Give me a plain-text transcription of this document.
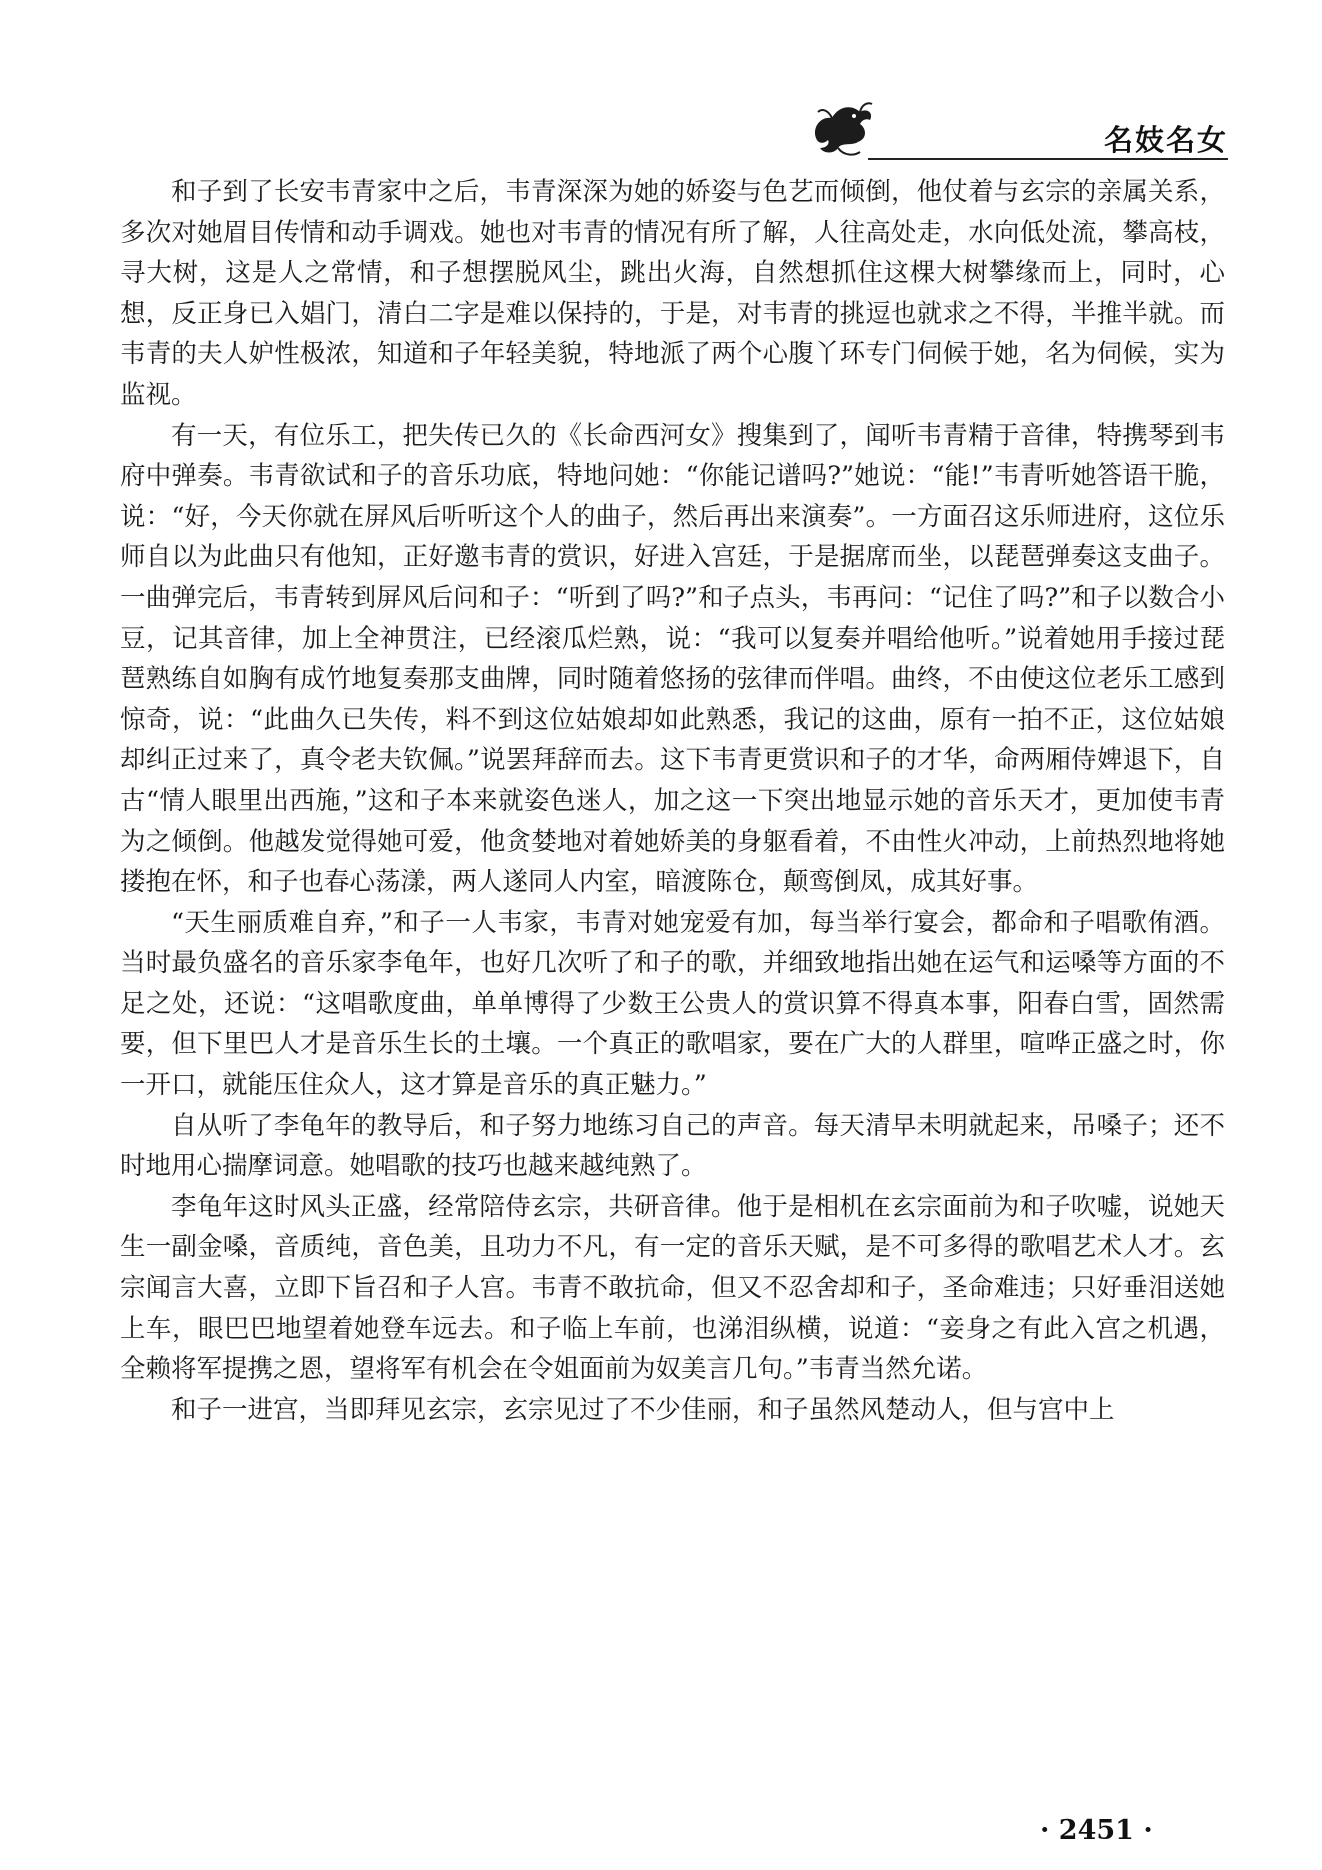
名妓名女

和子到了长安韦青家中之后，韦青深深为她的娇姿与色艺而倾倒，他仗着与玄宗的亲属关系，多次对她眉目传情和动手调戏。她也对韦青的情况有所了解，人往高处走，水向低处流，攀高枝，寻大树，这是人之常情，和子想摆脱风尘，跳出火海，自然想抓住这棵大树攀缘而上，同时，心想，反正身已入娼门，清白二字是难以保持的，于是，对韦青的挑逗也就求之不得，半推半就。而韦青的夫人妒性极浓，知道和子年轻美貌，特地派了两个心腹丫环专门伺候于她，名为伺候，实为监视。

有一天，有位乐工，把失传已久的《长命西河女》搜集到了，闻听韦青精于音律，特携琴到韦府中弹奏。韦青欲试和子的音乐功底，特地问她：“你能记谱吗?”她说：“能!”韦青听她答语干脆，说：“好，今天你就在屏风后听听这个人的曲子，然后再出来演奏”。一方面召这乐师进府，这位乐师自以为此曲只有他知，正好邀韦青的赏识，好进入宫廷，于是据席而坐，以琵琶弹奏这支曲子。一曲弹完后，韦青转到屏风后问和子：“听到了吗?”和子点头，韦再问：“记住了吗?”和子以数合小豆，记其音律，加上全神贯注，已经滚瓜烂熟，说：“我可以复奏并唱给他听。”说着她用手接过琵琶熟练自如胸有成竹地复奏那支曲牌，同时随着悠扬的弦律而伴唱。曲终，不由使这位老乐工感到惊奇，说：“此曲久已失传，料不到这位姑娘却如此熟悉，我记的这曲，原有一拍不正，这位姑娘却纠正过来了，真令老夫钦佩。”说罢拜辞而去。这下韦青更赏识和子的才华，命两厢侍婢退下，自古“情人眼里出西施，”这和子本来就姿色迷人，加之这一下突出地显示她的音乐天才，更加使韦青为之倾倒。他越发觉得她可爱，他贪婪地对着她娇美的身躯看着，不由性火冲动，上前热烈地将她搂抱在怀，和子也春心荡漾，两人遂同人内室，暗渡陈仓，颠鸾倒凤，成其好事。

“天生丽质难自弃，”和子一人韦家，韦青对她宠爱有加，每当举行宴会，都命和子唱歌侑酒。当时最负盛名的音乐家李龟年，也好几次听了和子的歌，并细致地指出她在运气和运嗓等方面的不足之处，还说：“这唱歌度曲，单单博得了少数王公贵人的赏识算不得真本事，阳春白雪，固然需要，但下里巴人才是音乐生长的土壤。一个真正的歌唱家，要在广大的人群里，喧哗正盛之时，你一开口，就能压住众人，这才算是音乐的真正魅力。”

自从听了李龟年的教导后，和子努力地练习自己的声音。每天清早未明就起来，吊嗓子；还不时地用心揣摩词意。她唱歌的技巧也越来越纯熟了。

李龟年这时风头正盛，经常陪侍玄宗，共研音律。他于是相机在玄宗面前为和子吹嘘，说她天生一副金嗓，音质纯，音色美，且功力不凡，有一定的音乐天赋，是不可多得的歌唱艺术人才。玄宗闻言大喜，立即下旨召和子人宫。韦青不敢抗命，但又不忍舍却和子，圣命难违；只好垂泪送她上车，眼巴巴地望着她登车远去。和子临上车前，也涕泪纵横，说道：“妾身之有此入宫之机遇，全赖将军提携之恩，望将军有机会在令姐面前为奴美言几句。”韦青当然允诺。

和子一进宫，当即拜见玄宗，玄宗见过了不少佳丽，和子虽然风楚动人，但与宫中上

· 2451 ·
